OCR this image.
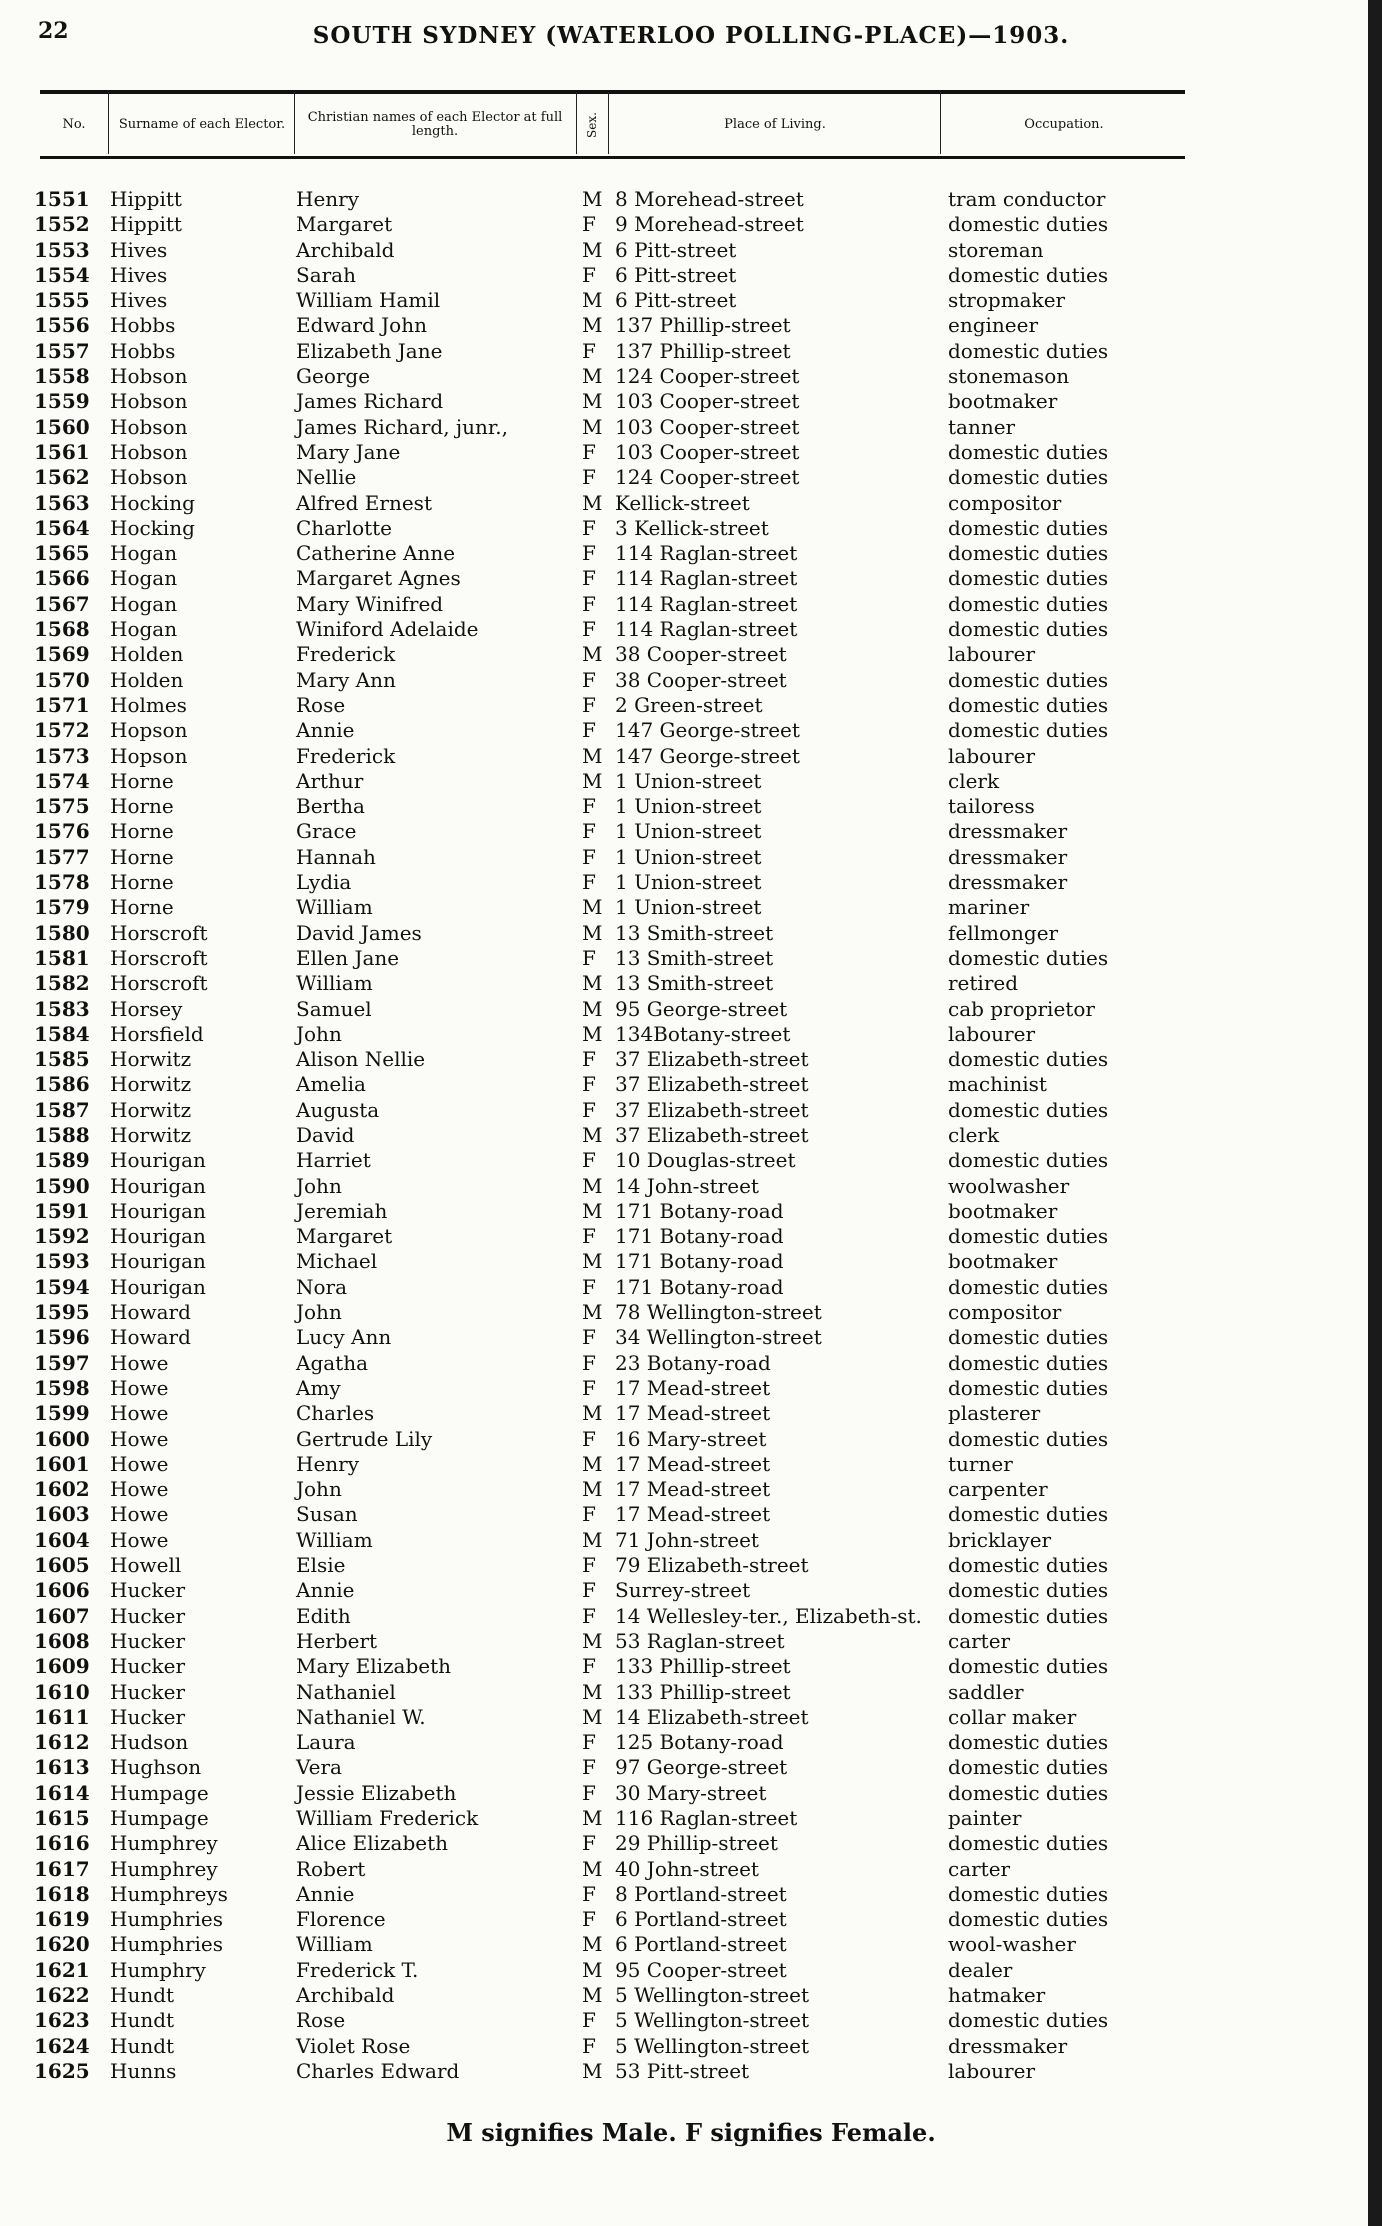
22	SOUTH SYDNEY (WATERLOO POLLING-PLACE)—1903.
No.	Surname of each Elector.	Christian names of each Elector at full length.	Sex.	Place of Living.	Occupation.
1551 Hippitt	Henry	M 8 Morehead-street	tram conductor
1552 Hippitt	Margaret	F 9 Morehead-street	domestic duties
1553 Hives	Archibald	M 6 Pitt-street	storeman
1554 Hives	Sarah	F 6 Pitt-street	domestic duties
1555 Hives	William Hamil	M 6 Pitt-street	stropmaker
1556 Hobbs	Edward John	M 137 Phillip-street	engineer
1557 Hobbs	Elizabeth Jane	F 137 Phillip-street	domestic duties
1558 Hobson	George	M 124 Cooper-street	stonemason
1559 Hobson	James Richard	M 103 Cooper-street	bootmaker
1560 Hobson	James Richard, junr.,	M 103 Cooper-street	tanner
1561 Hobson	Mary Jane	F 103 Cooper-street	domestic duties
1562 Hobson	Nellie	F 124 Cooper-street	domestic duties
1563 Hocking	Alfred Ernest	M Kellick-street	compositor
1564 Hocking	Charlotte	F 3 Kellick-street	domestic duties
1565 Hogan	Catherine Anne	F 114 Raglan-street	domestic duties
1566 Hogan	Margaret Agnes	F 114 Raglan-street	domestic duties
1567 Hogan	Mary Winifred	F 114 Raglan-street	domestic duties
1568 Hogan	Winiford Adelaide	F 114 Raglan-street	domestic duties
1569 Holden	Frederick	M 38 Cooper-street	labourer
1570 Holden	Mary Ann	F 38 Cooper-street	domestic duties
1571 Holmes	Rose	F 2 Green-street	domestic duties
1572 Hopson	Annie	F 147 George-street	domestic duties
1573 Hopson	Frederick	M 147 George-street	labourer
1574 Horne	Arthur	M 1 Union-street	clerk
1575 Horne	Bertha	F 1 Union-street	tailoress
1576 Horne	Grace	F 1 Union-street	dressmaker
1577 Horne	Hannah	F 1 Union-street	dressmaker
1578 Horne	Lydia	F 1 Union-street	dressmaker
1579 Horne	William	M 1 Union-street	mariner
1580 Horscroft	David James	M 13 Smith-street	fellmonger
1581 Horscroft	Ellen Jane	F 13 Smith-street	domestic duties
1582 Horscroft	William	M 13 Smith-street	retired
1583 Horsey	Samuel	M 95 George-street	cab proprietor
1584 Horsfield	John	M 134Botany-street	labourer
1585 Horwitz	Alison Nellie	F 37 Elizabeth-street	domestic duties
1586 Horwitz	Amelia	F 37 Elizabeth-street	machinist
1587 Horwitz	Augusta	F 37 Elizabeth-street	domestic duties
1588 Horwitz	David	M 37 Elizabeth-street	clerk
1589 Hourigan	Harriet	F 10 Douglas-street	domestic duties
1590 Hourigan	John	M 14 John-street	woolwasher
1591 Hourigan	Jeremiah	M 171 Botany-road	bootmaker
1592 Hourigan	Margaret	F 171 Botany-road	domestic duties
1593 Hourigan	Michael	M 171 Botany-road	bootmaker
1594 Hourigan	Nora	F 171 Botany-road	domestic duties
1595 Howard	John	M 78 Wellington-street	compositor
1596 Howard	Lucy Ann	F 34 Wellington-street	domestic duties
1597 Howe	Agatha	F 23 Botany-road	domestic duties
1598 Howe	Amy	F 17 Mead-street	domestic duties
1599 Howe	Charles	M 17 Mead-street	plasterer
1600 Howe	Gertrude Lily	F 16 Mary-street	domestic duties
1601 Howe	Henry	M 17 Mead-street	turner
1602 Howe	John	M 17 Mead-street	carpenter
1603 Howe	Susan	F 17 Mead-street	domestic duties
1604 Howe	William	M 71 John-street	bricklayer
1605 Howell	Elsie	F 79 Elizabeth-street	domestic duties
1606 Hucker	Annie	F Surrey-street	domestic duties
1607 Hucker	Edith	F 14 Wellesley-ter., Elizabeth-st. domestic duties
1608 Hucker	Herbert	M 53 Raglan-street	carter
1609 Hucker	Mary Elizabeth	F 133 Phillip-street	domestic duties
1610 Hucker	Nathaniel	M 133 Phillip-street	saddler
1611 Hucker	Nathaniel W.	M 14 Elizabeth-street	collar maker
1612 Hudson	Laura	F 125 Botany-road	domestic duties
1613 Hughson	Vera	F 97 George-street	domestic duties
1614 Humpage	Jessie Elizabeth	F 30 Mary-street	domestic duties
1615 Humpage	William Frederick	M 116 Raglan-street	painter
1616 Humphrey	Alice Elizabeth	F 29 Phillip-street	domestic duties
1617 Humphrey	Robert	M 40 John-street	carter
1618 Humphreys	Annie	F 8 Portland-street	domestic duties
1619 Humphries	Florence	F 6 Portland-street	domestic duties
1620 Humphries	William	M 6 Portland-street	wool-washer
1621 Humphry	Frederick T.	M 95 Cooper-street	dealer
1622 Hundt	Archibald	M 5 Wellington-street	hatmaker
1623 Hundt	Rose	F 5 Wellington-street	domestic duties
1624 Hundt	Violet Rose	F 5 Wellington-street	dressmaker
1625 Hunns	Charles Edward	M 53 Pitt-street	labourer
M signifies Male. F signifies Female.
